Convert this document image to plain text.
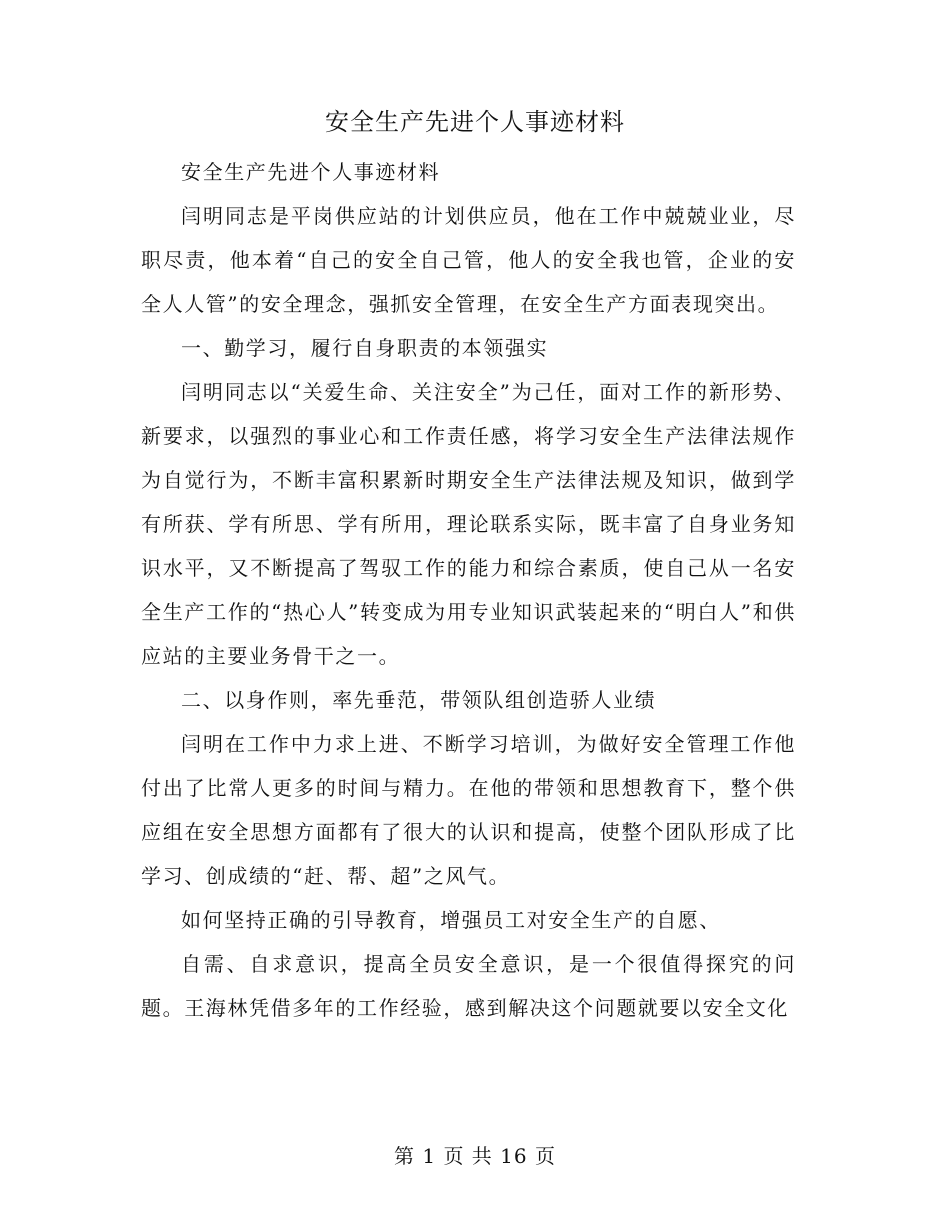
安全生产先进个人事迹材料

安全生产先进个人事迹材料

闫明同志是平岗供应站的计划供应员，他在工作中兢兢业业，尽职尽责，他本着“自己的安全自己管，他人的安全我也管，企业的安全人人管”的安全理念，强抓安全管理，在安全生产方面表现突出。

一、勤学习，履行自身职责的本领强实

闫明同志以“关爱生命、关注安全”为己任，面对工作的新形势、新要求，以强烈的事业心和工作责任感，将学习安全生产法律法规作为自觉行为，不断丰富积累新时期安全生产法律法规及知识，做到学有所获、学有所思、学有所用，理论联系实际，既丰富了自身业务知识水平，又不断提高了驾驭工作的能力和综合素质，使自己从一名安全生产工作的“热心人”转变成为用专业知识武装起来的“明白人”和供应站的主要业务骨干之一。

二、以身作则，率先垂范，带领队组创造骄人业绩

闫明在工作中力求上进、不断学习培训，为做好安全管理工作他付出了比常人更多的时间与精力。在他的带领和思想教育下，整个供应组在安全思想方面都有了很大的认识和提高，使整个团队形成了比学习、创成绩的“赶、帮、超”之风气。

如何坚持正确的引导教育，增强员工对安全生产的自愿、

自需、自求意识，提高全员安全意识，是一个很值得探究的问题。王海林凭借多年的工作经验，感到解决这个问题就要以安全文化

第 1 页 共 16 页
